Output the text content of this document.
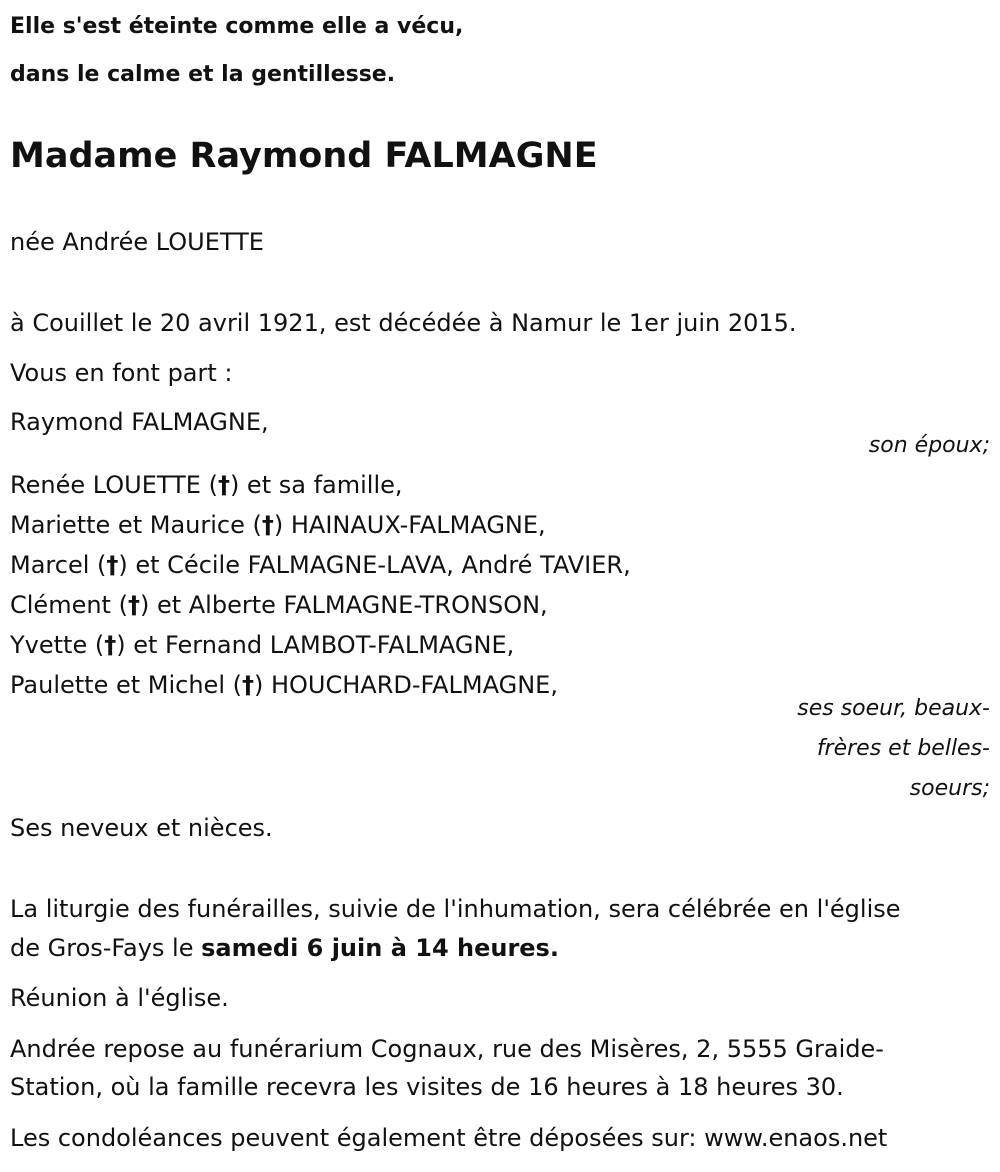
Elle s'est éteinte comme elle a vécu,
dans le calme et la gentillesse.
Madame Raymond FALMAGNE
née Andrée LOUETTE
à Couillet le 20 avril 1921, est décédée à Namur le 1er juin 2015.
Vous en font part :
Raymond FALMAGNE,
son époux;
Renée LOUETTE (†) et sa famille,
Mariette et Maurice (†) HAINAUX-FALMAGNE,
Marcel (†) et Cécile FALMAGNE-LAVA, André TAVIER,
Clément (†) et Alberte FALMAGNE-TRONSON,
Yvette (†) et Fernand LAMBOT-FALMAGNE,
Paulette et Michel (†) HOUCHARD-FALMAGNE,
ses soeur, beaux-
frères et belles-
soeurs;
Ses neveux et nièces.
La liturgie des funérailles, suivie de l'inhumation, sera célébrée en l'église
de Gros-Fays le samedi 6 juin à 14 heures.
Réunion à l'église.
Andrée repose au funérarium Cognaux, rue des Misères, 2, 5555 Graide-
Station, où la famille recevra les visites de 16 heures à 18 heures 30.
Les condoléances peuvent également être déposées sur: www.enaos.net
